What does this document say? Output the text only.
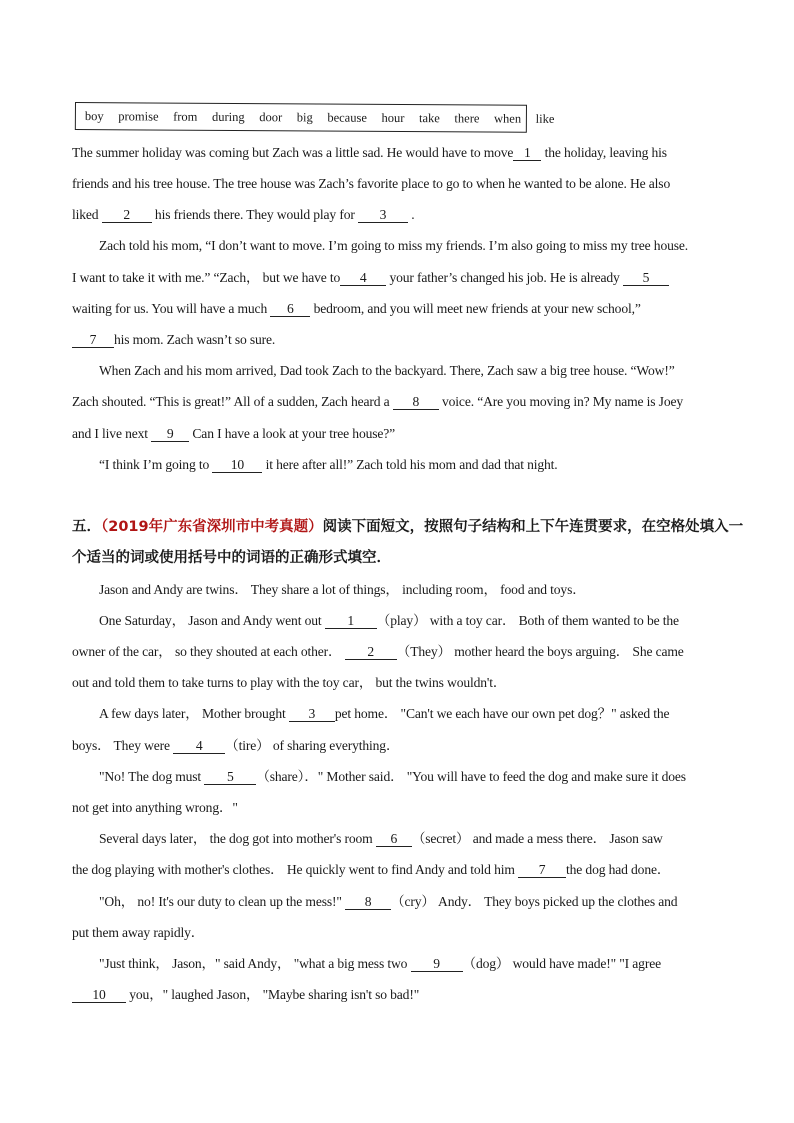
boy promise from during door big because hour take there when like
The summer holiday was coming but Zach was a little sad. He would have to move 1 the holiday, leaving his
friends and his tree house. The tree house was Zach’s favorite place to go to when he wanted to be alone. He also
liked 2 his friends there. They would play for 3 .
Zach told his mom, “I don’t want to move. I’m going to miss my friends. I’m also going to miss my tree house.
I want to take it with me.” “Zach， but we have to 4 your father’s changed his job. He is already 5
waiting for us. You will have a much 6 bedroom, and you will meet new friends at your new school,”
7 his mom. Zach wasn’t so sure.
When Zach and his mom arrived, Dad took Zach to the backyard. There, Zach saw a big tree house. “Wow!”
Zach shouted. “This is great!” All of a sudden, Zach heard a 8 voice. “Are you moving in? My name is Joey
and I live next 9 Can I have a look at your tree house?”
“I think I’m going to 10 it here after all!” Zach told his mom and dad that night.
五．（2019年广东省深圳市中考真题）阅读下面短文，按照句子结构和上下午连贯要求，在空格处填入一
个适当的词或使用括号中的词语的正确形式填空．
Jason and Andy are twins． They share a lot of things， including room， food and toys．
One Saturday， Jason and Andy went out 1 （play） with a toy car． Both of them wanted to be the
owner of the car， so they shouted at each other． 2 （They） mother heard the boys arguing． She came
out and told them to take turns to play with the toy car， but the twins wouldn't．
A few days later， Mother brought 3 pet home． "Can't we each have our own pet dog？" asked the
boys． They were 4 （tire） of sharing everything．
"No! The dog must 5 （share）．" Mother said． "You will have to feed the dog and make sure it does
not get into anything wrong．"
Several days later， the dog got into mother's room 6 （secret） and made a mess there． Jason saw
the dog playing with mother's clothes． He quickly went to find Andy and told him 7 the dog had done．
"Oh， no! It's our duty to clean up the mess!" 8 （cry） Andy． They boys picked up the clothes and
put them away rapidly．
"Just think， Jason，" said Andy， "what a big mess two 9 （dog） would have made!" "I agree
10 you，" laughed Jason， "Maybe sharing isn't so bad!"
